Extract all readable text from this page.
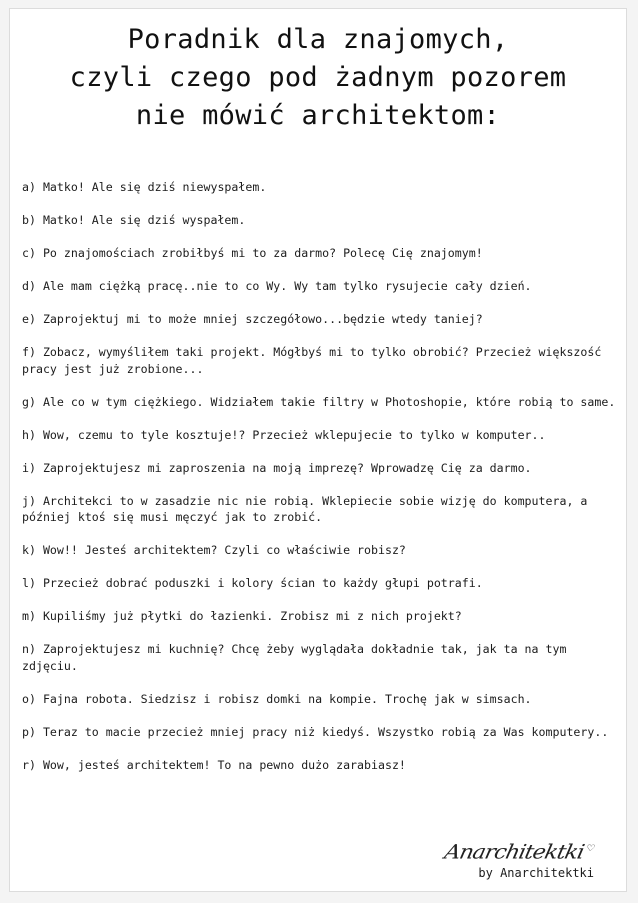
Poradnik dla znajomych,
czyli czego pod żadnym pozorem
nie mówić architektom:
a) Matko! Ale się dziś niewyspałem.
b) Matko! Ale się dziś wyspałem.
c) Po znajomościach zrobiłbyś mi to za darmo? Polecę Cię znajomym!
d) Ale mam ciężką pracę..nie to co Wy. Wy tam tylko rysujecie cały dzień.
e) Zaprojektuj mi to może mniej szczegółowo...będzie wtedy taniej?
f) Zobacz, wymyśliłem taki projekt. Mógłbyś mi to tylko obrobić? Przecież większość pracy jest już zrobione...
g) Ale co w tym ciężkiego. Widziałem takie filtry w Photoshopie, które robią to same.
h) Wow, czemu to tyle kosztuje!? Przecież wklepujecie to tylko w komputer..
i) Zaprojektujesz mi zaproszenia na moją imprezę? Wprowadzę Cię za darmo.
j) Architekci to w zasadzie nic nie robią. Wklepiecie sobie wizję do komputera, a później ktoś się musi męczyć jak to zrobić.
k) Wow!! Jesteś architektem? Czyli co właściwie robisz?
l) Przecież dobrać poduszki i kolory ścian to każdy głupi potrafi.
m) Kupiliśmy już płytki do łazienki. Zrobisz mi z nich projekt?
n) Zaprojektujesz mi kuchnię? Chcę żeby wyglądała dokładnie tak, jak ta na tym zdjęciu.
o) Fajna robota. Siedzisz i robisz domki na kompie. Trochę jak w simsach.
p) Teraz to macie przecież mniej pracy niż kiedyś. Wszystko robią za Was komputery..
r) Wow, jesteś architektem! To na pewno dużo zarabiasz!
Anarchitektki♡
by Anarchitektki
